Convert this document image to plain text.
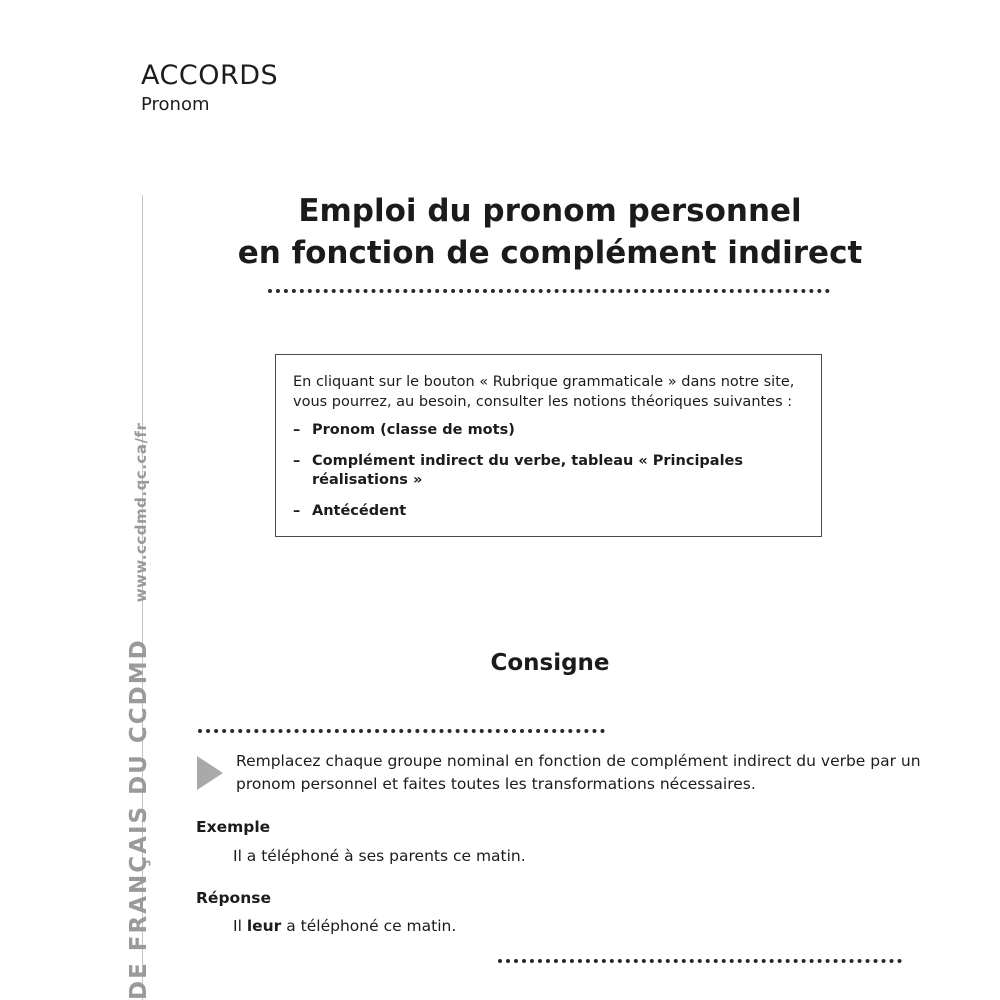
ACCORDS
Pronom
DE FRANÇAIS DU CCDMDwww.ccdmd.qc.ca/fr
Emploi du pronom personnel
en fonction de complément indirect

En cliquant sur le bouton « Rubrique grammaticale » dans notre site, vous pourrez, au besoin, consulter les notions théoriques suivantes :

– Pronom (classe de mots)
– Complément indirect du verbe, tableau « Principales réalisations »
– Antécédent
Consigne
Remplacez chaque groupe nominal en fonction de complément indirect du verbe par un pronom personnel et faites toutes les transformations nécessaires.
Exemple
Il a téléphoné à ses parents ce matin.
Réponse
Il leur a téléphoné ce matin.
